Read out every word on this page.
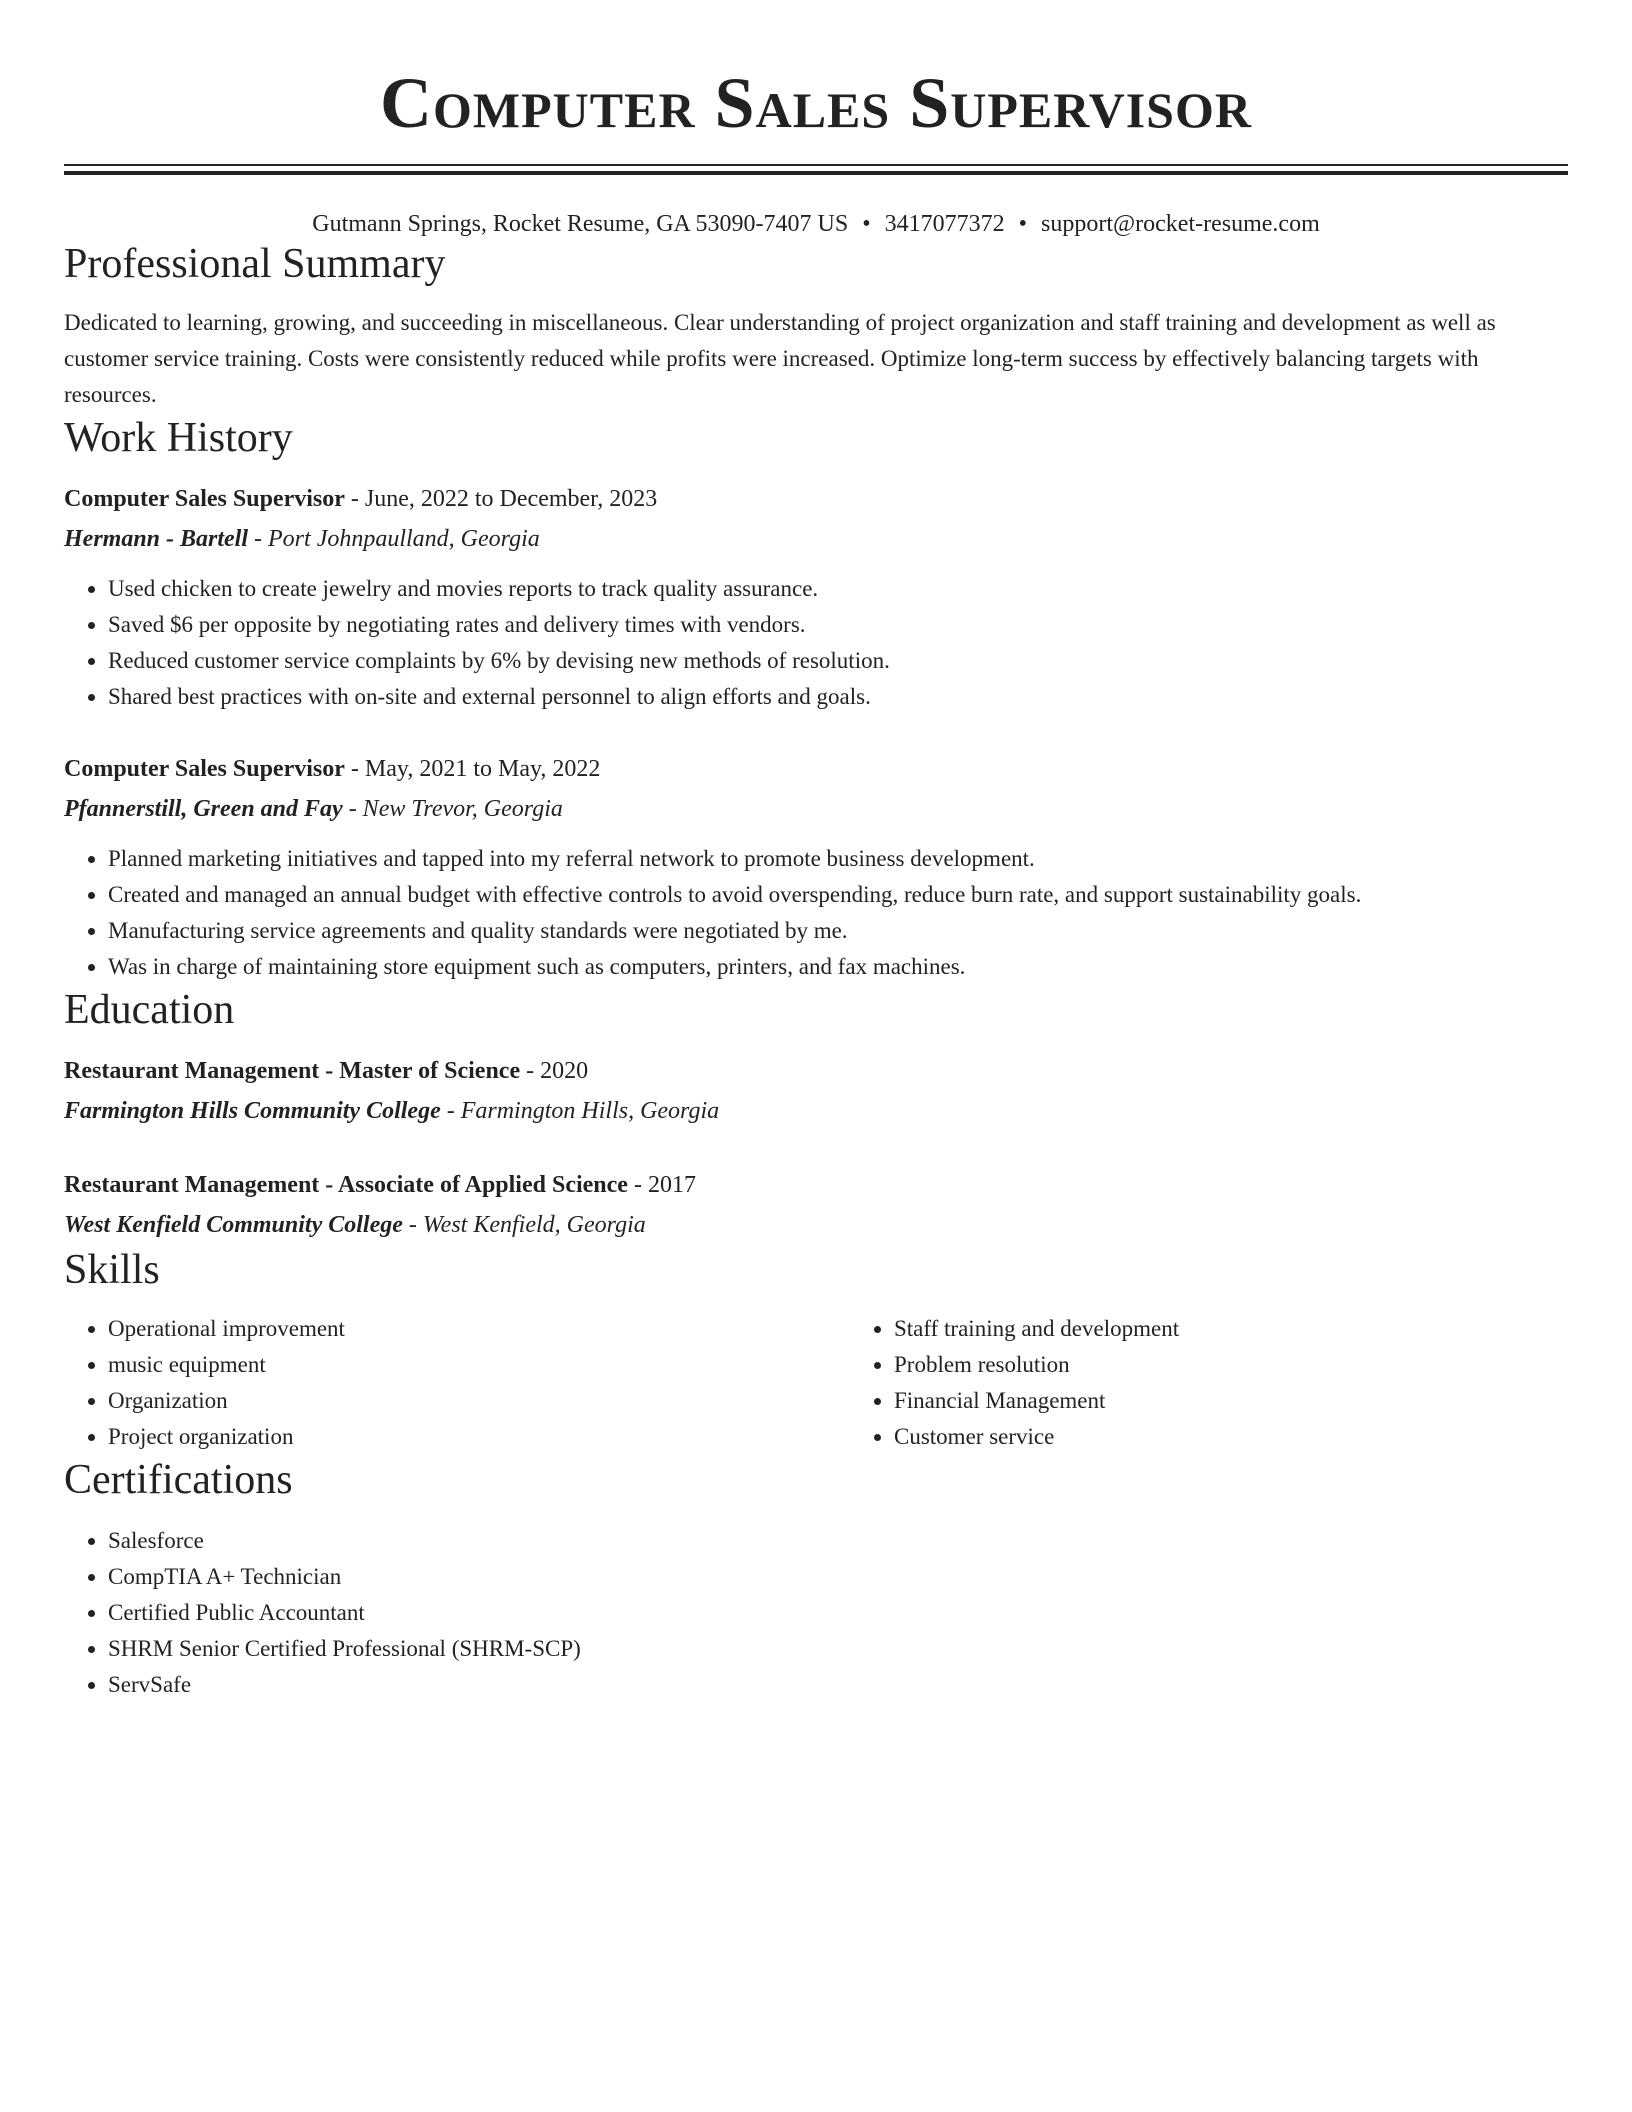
Computer Sales Supervisor
Gutmann Springs, Rocket Resume, GA 53090-7407 US • 3417077372 • support@rocket-resume.com
Professional Summary
Dedicated to learning, growing, and succeeding in miscellaneous. Clear understanding of project organization and staff training and development as well as customer service training. Costs were consistently reduced while profits were increased. Optimize long-term success by effectively balancing targets with resources.
Work History
Computer Sales Supervisor - June, 2022 to December, 2023
Hermann - Bartell - Port Johnpaulland, Georgia
• Used chicken to create jewelry and movies reports to track quality assurance.
• Saved $6 per opposite by negotiating rates and delivery times with vendors.
• Reduced customer service complaints by 6% by devising new methods of resolution.
• Shared best practices with on-site and external personnel to align efforts and goals.
Computer Sales Supervisor - May, 2021 to May, 2022
Pfannerstill, Green and Fay - New Trevor, Georgia
• Planned marketing initiatives and tapped into my referral network to promote business development.
• Created and managed an annual budget with effective controls to avoid overspending, reduce burn rate, and support sustainability goals.
• Manufacturing service agreements and quality standards were negotiated by me.
• Was in charge of maintaining store equipment such as computers, printers, and fax machines.
Education
Restaurant Management - Master of Science - 2020
Farmington Hills Community College - Farmington Hills, Georgia
Restaurant Management - Associate of Applied Science - 2017
West Kenfield Community College - West Kenfield, Georgia
Skills
• Operational improvement
• music equipment
• Organization
• Project organization
• Staff training and development
• Problem resolution
• Financial Management
• Customer service
Certifications
• Salesforce
• CompTIA A+ Technician
• Certified Public Accountant
• SHRM Senior Certified Professional (SHRM-SCP)
• ServSafe
